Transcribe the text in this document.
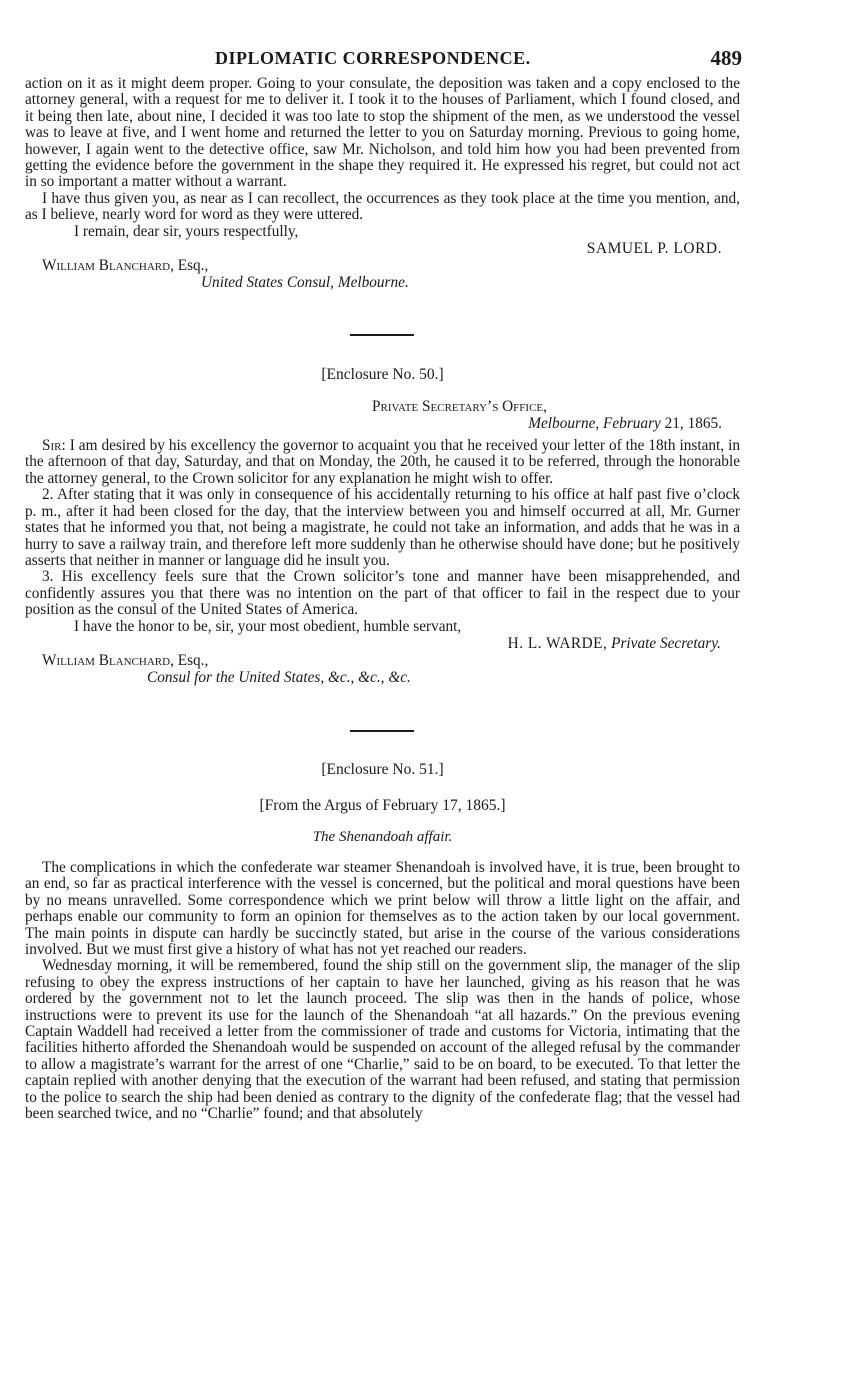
DIPLOMATIC CORRESPONDENCE.	489

action on it as it might deem proper. Going to your consulate, the deposition was taken and a copy enclosed to the attorney general, with a request for me to deliver it. I took it to the houses of Parliament, which I found closed, and it being then late, about nine, I decided it was too late to stop the shipment of the men, as we understood the vessel was to leave at five, and I went home and returned the letter to you on Saturday morning. Previous to going home, however, I again went to the detective office, saw Mr. Nicholson, and told him how you had been prevented from getting the evidence before the government in the shape they required it. He expressed his regret, but could not act in so important a matter without a warrant.

I have thus given you, as near as I can recollect, the occurrences as they took place at the time you mention, and, as I believe, nearly word for word as they were uttered.

I remain, dear sir, yours respectfully,

SAMUEL P. LORD.
William Blanchard, Esq.,
United States Consul, Melbourne.
[Enclosure No. 50.]
Private Secretary’s Office,
Melbourne, February 21, 1865.

Sir: I am desired by his excellency the governor to acquaint you that he received your letter of the 18th instant, in the afternoon of that day, Saturday, and that on Monday, the 20th, he caused it to be referred, through the honorable the attorney general, to the Crown solicitor for any explanation he might wish to offer.

2. After stating that it was only in consequence of his accidentally returning to his office at half past five o’clock p. m., after it had been closed for the day, that the interview between you and himself occurred at all, Mr. Gurner states that he informed you that, not being a magistrate, he could not take an information, and adds that he was in a hurry to save a railway train, and therefore left more suddenly than he otherwise should have done; but he positively asserts that neither in manner or language did he insult you.

3. His excellency feels sure that the Crown solicitor’s tone and manner have been misapprehended, and confidently assures you that there was no intention on the part of that officer to fail in the respect due to your position as the consul of the United States of America.

I have the honor to be, sir, your most obedient, humble servant,

H. L. WARDE, Private Secretary.
William Blanchard, Esq.,
Consul for the United States, &c., &c., &c.
[Enclosure No. 51.]
[From the Argus of February 17, 1865.]
The Shenandoah affair.

The complications in which the confederate war steamer Shenandoah is involved have, it is true, been brought to an end, so far as practical interference with the vessel is concerned, but the political and moral questions have been by no means unravelled. Some correspondence which we print below will throw a little light on the affair, and perhaps enable our community to form an opinion for themselves as to the action taken by our local government. The main points in dispute can hardly be succinctly stated, but arise in the course of the various considerations involved. But we must first give a history of what has not yet reached our readers.

Wednesday morning, it will be remembered, found the ship still on the government slip, the manager of the slip refusing to obey the express instructions of her captain to have her launched, giving as his reason that he was ordered by the government not to let the launch proceed. The slip was then in the hands of police, whose instructions were to prevent its use for the launch of the Shenandoah “at all hazards.” On the previous evening Captain Waddell had received a letter from the commissioner of trade and customs for Victoria, intimating that the facilities hitherto afforded the Shenandoah would be suspended on account of the alleged refusal by the commander to allow a magistrate’s warrant for the arrest of one “Charlie,” said to be on board, to be executed. To that letter the captain replied with another denying that the execution of the warrant had been refused, and stating that permission to the police to search the ship had been denied as contrary to the dignity of the confederate flag; that the vessel had been searched twice, and no “Charlie” found; and that absolutely
